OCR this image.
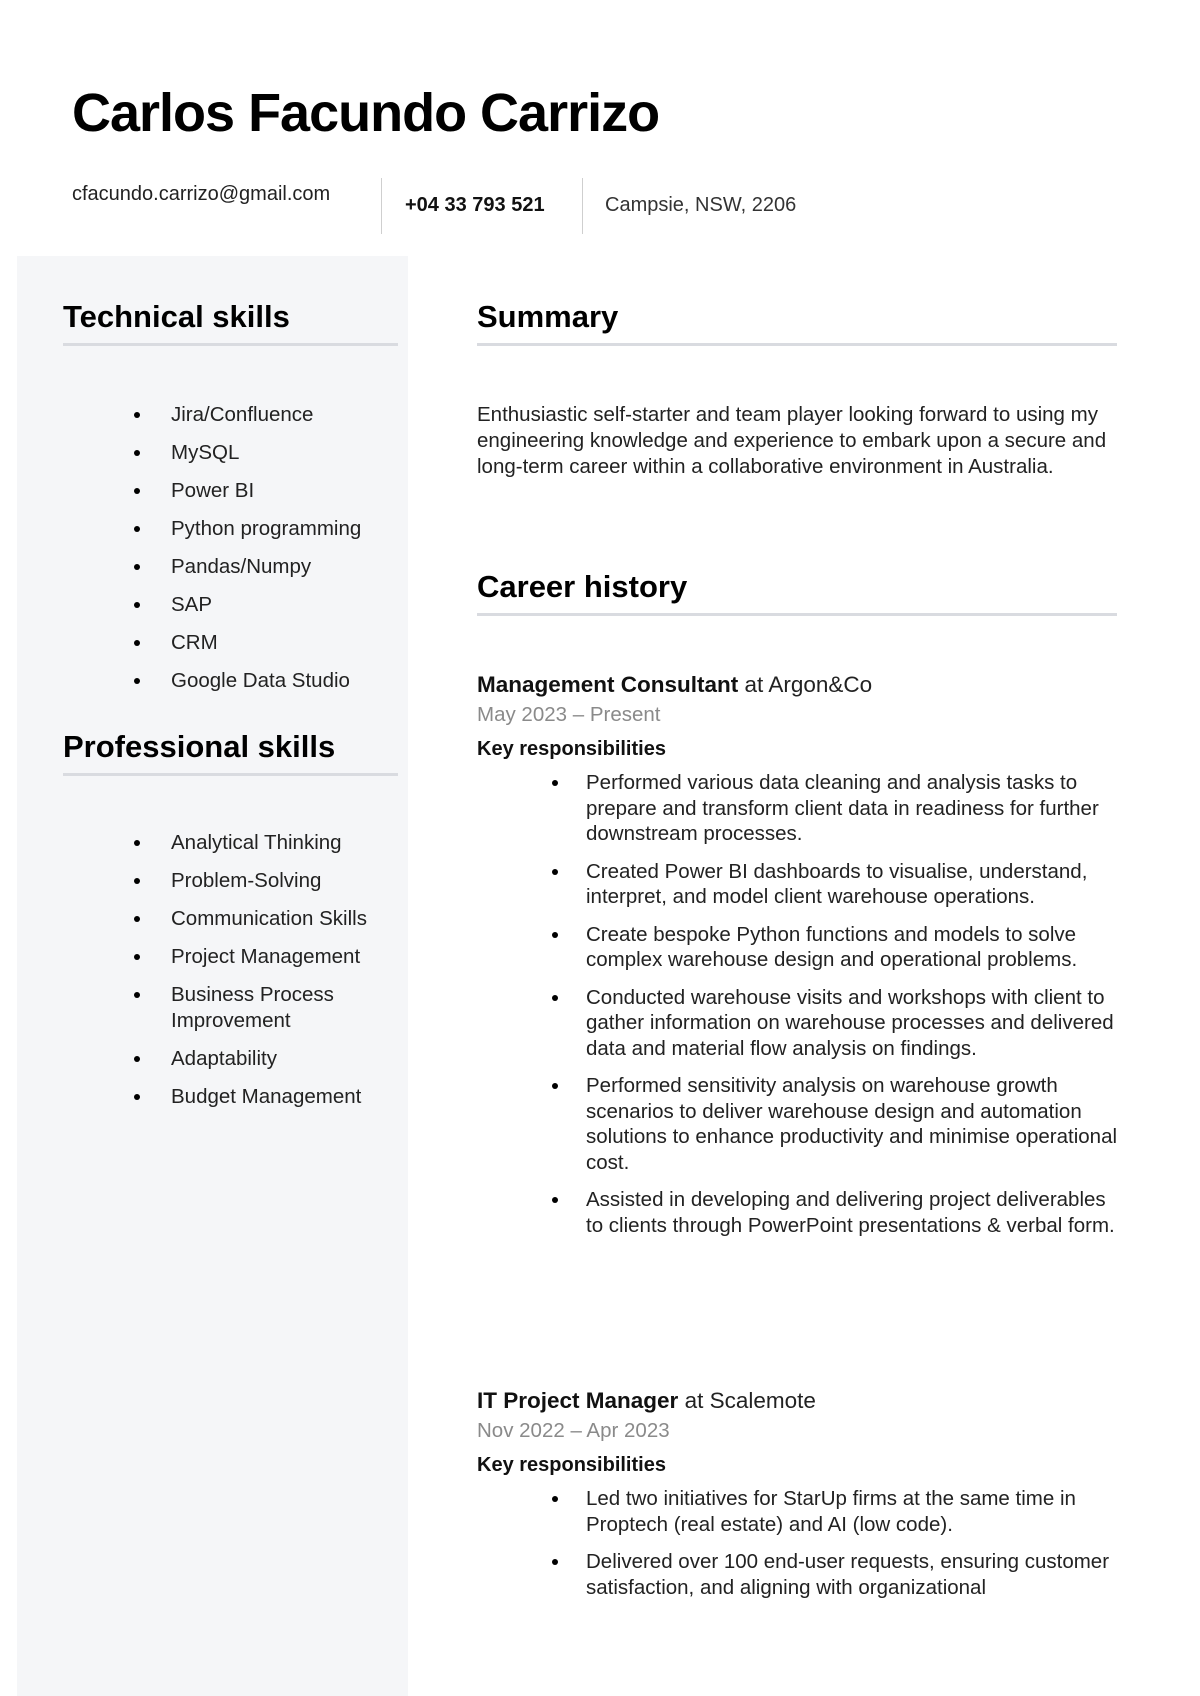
Carlos Facundo Carrizo
cfacundo.carrizo@gmail.com	+04 33 793 521	Campsie, NSW, 2206
Technical skills
Jira/Confluence
MySQL
Power BI
Python programming
Pandas/Numpy
SAP
CRM
Google Data Studio
Professional skills
Analytical Thinking
Problem-Solving
Communication Skills
Project Management
Business Process Improvement
Adaptability
Budget Management
Summary

Enthusiastic self-starter and team player looking forward to using my engineering knowledge and experience to embark upon a secure and long-term career within a collaborative environment in Australia.

Career history
Management Consultant at Argon&Co
May 2023 – Present
Key responsibilities
Performed various data cleaning and analysis tasks to prepare and transform client data in readiness for further downstream processes.
Created Power BI dashboards to visualise, understand, interpret, and model client warehouse operations.
Create bespoke Python functions and models to solve complex warehouse design and operational problems.
Conducted warehouse visits and workshops with client to gather information on warehouse processes and delivered data and material flow analysis on findings.
Performed sensitivity analysis on warehouse growth scenarios to deliver warehouse design and automation solutions to enhance productivity and minimise operational cost.
Assisted in developing and delivering project deliverables to clients through PowerPoint presentations & verbal form.
IT Project Manager at Scalemote
Nov 2022 – Apr 2023
Key responsibilities
Led two initiatives for StarUp firms at the same time in Proptech (real estate) and AI (low code).
Delivered over 100 end-user requests, ensuring customer satisfaction, and aligning with organizational
